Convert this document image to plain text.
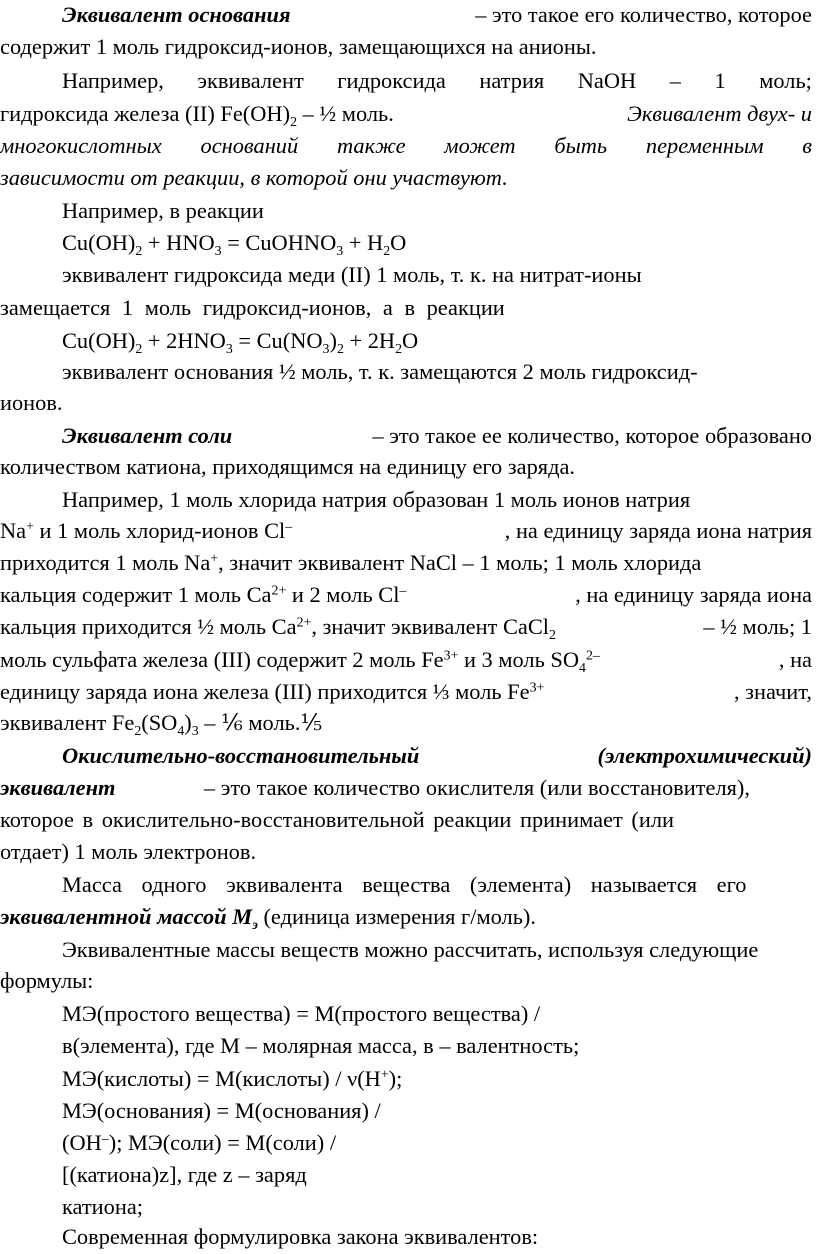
Эквивалент основания	– это такое его количество, которое
содержит 1 моль гидроксид-ионов, замещающихся на анионы.
Например, эквивалент гидроксида натрия NaOH – 1 моль;
гидроксида железа (II) $Fe(OH)_2$ – ½ моль.	Эквивалент двух- и
многокислотных оснований также может быть переменным в
зависимости от реакции, в которой они участвуют.
Например, в реакции
$Cu(OH)_2 + HNO_3$ = CuOHNO$_3$ + $H_2O$
эквивалент гидроксида меди (II) 1 моль, т. к. на нитрат-ионы
замещается 1 моль гидроксид-ионов, а в реакции
$Cu(OH)_2 + 2HNO_3 = Cu(NO_3)_2 + 2H_2O$
эквивалент основания ½ моль, т. к. замещаются 2 моль гидроксид-
ионов.
Эквивалент соли	– это такое ее количество, которое образовано
количеством катиона, приходящимся на единицу его заряда.
Например, 1 моль хлорида натрия образован 1 моль ионов натрия
Na+ и 1 моль хлорид-ионов Cl–	, на единицу заряда иона натрия
приходится 1 моль Na+, значит эквивалент NaCl – 1 моль; 1 моль хлорида
кальция содержит 1 моль $Ca^{2+}$ и 2 моль Cl–	, на единицу заряда иона
кальция приходится ½ моль $Ca^{2+}$, значит эквивалент CaCl$_2$	– ½ моль; 1
моль сульфата железа (III) содержит 2 моль $Fe^{3+}$ и 3 моль $SO_4^{2-}$	, на
единицу заряда иона железа (III) приходится ⅓ моль $Fe^{3+}$	, значит,
эквивалент $Fe_2(SO_4)_3$ – ⅙ моль.⅕
Окислительно-восстановительный	(электрохимический)
эквивалент	– это такое количество окислителя (или восстановителя),
которое в окислительно-восстановительной реакции принимает (или
отдает) 1 моль электронов.
Масса одного эквивалента вещества (элемента) называется его
эквивалентной массой $М_э$ (единица измерения г/моль).
Эквивалентные массы веществ можно рассчитать, используя следующие
формулы:
МЭ(простого вещества) = М(простого вещества) /
в(элемента), где М – молярная масса, в – валентность;
МЭ(кислоты) = М(кислоты) / ν(H+);
МЭ(основания) = М(основания) /
(OH–); МЭ(соли) = М(соли) /
[(катиона)z], где z – заряд
катиона;
Современная формулировка закона эквивалентов:
